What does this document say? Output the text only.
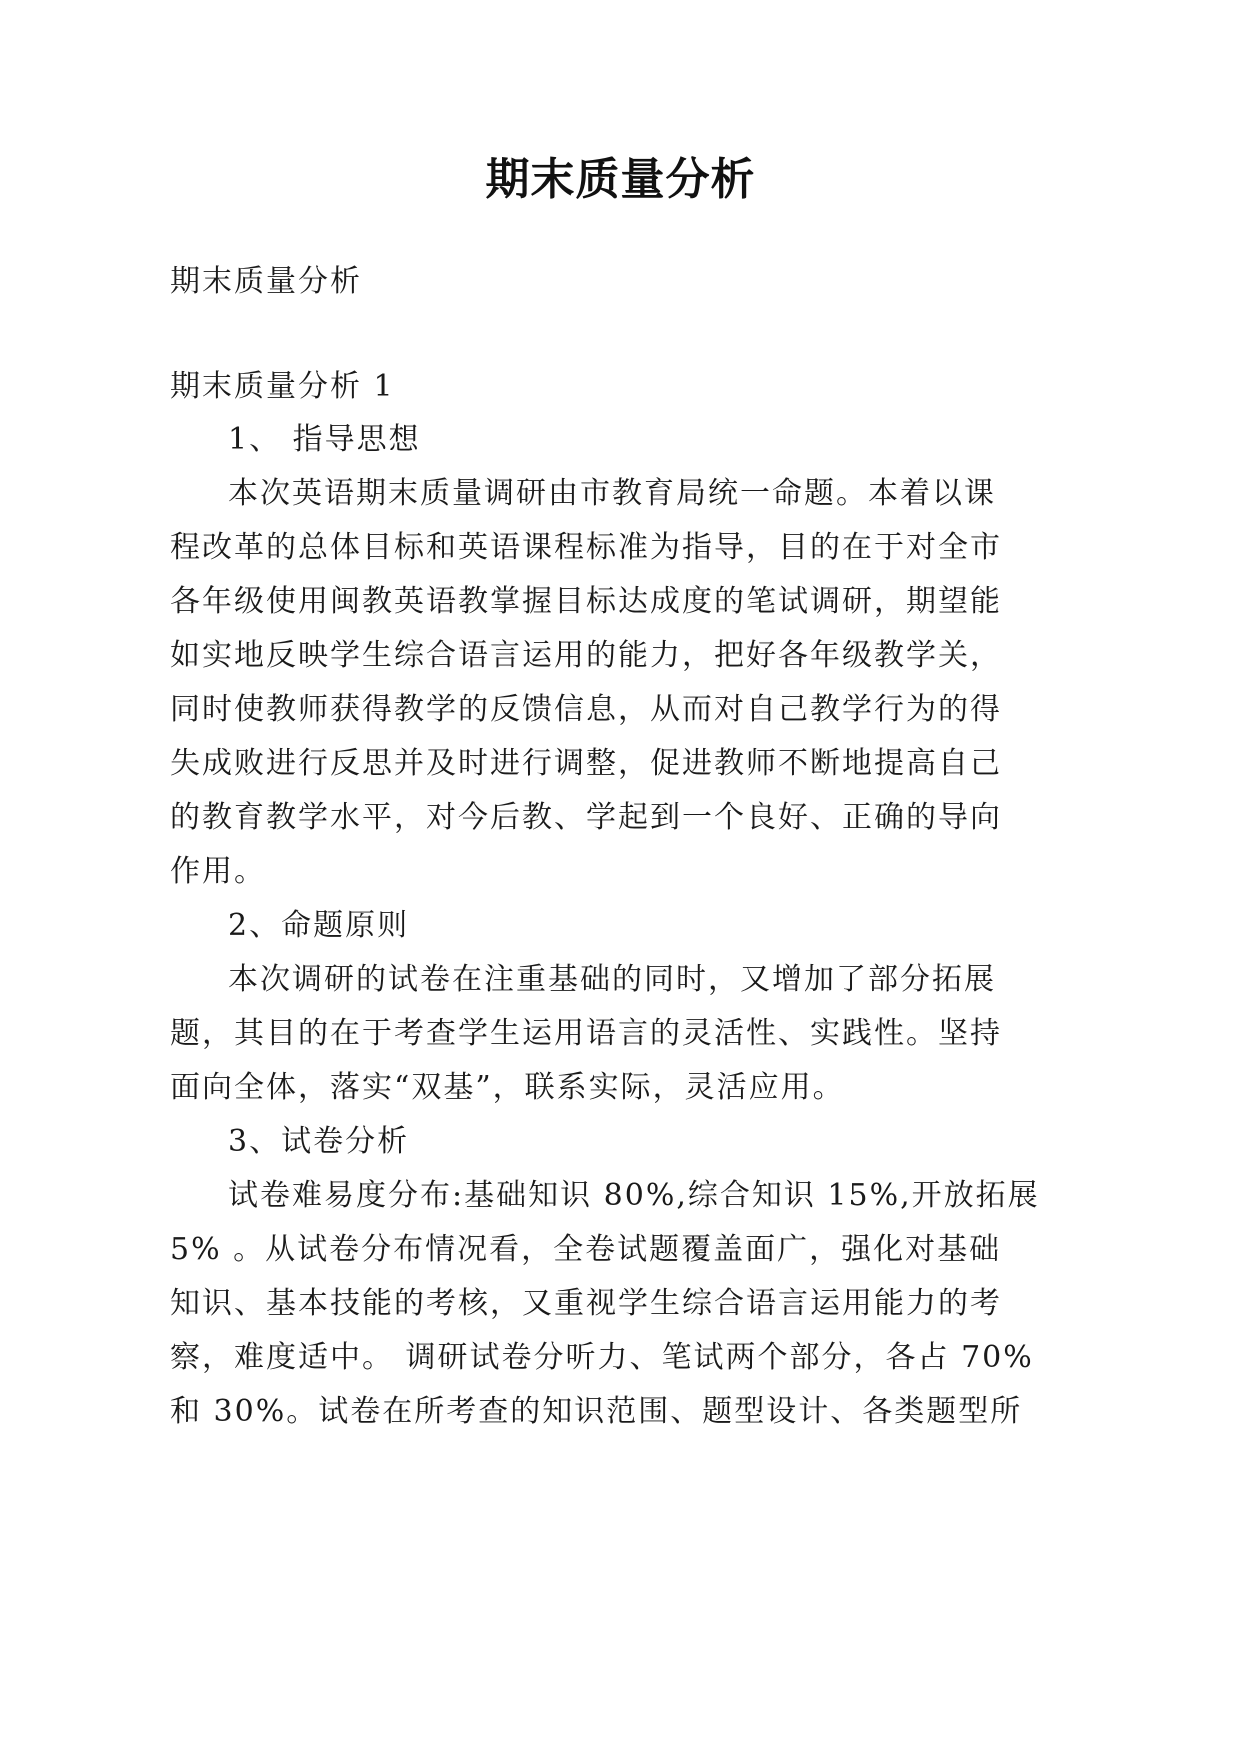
期末质量分析

期末质量分析

期末质量分析 1

1、 指导思想

本次英语期末质量调研由市教育局统一命题。本着以课

程改革的总体目标和英语课程标准为指导，目的在于对全市

各年级使用闽教英语教掌握目标达成度的笔试调研，期望能

如实地反映学生综合语言运用的能力，把好各年级教学关，

同时使教师获得教学的反馈信息，从而对自己教学行为的得

失成败进行反思并及时进行调整，促进教师不断地提高自己

的教育教学水平，对今后教、学起到一个良好、正确的导向

作用。

2、命题原则

本次调研的试卷在注重基础的同时，又增加了部分拓展

题，其目的在于考查学生运用语言的灵活性、实践性。坚持

面向全体，落实“双基”，联系实际，灵活应用。

3、试卷分析

试卷难易度分布:基础知识 80%,综合知识 15%,开放拓展

5% 。从试卷分布情况看，全卷试题覆盖面广，强化对基础

知识、基本技能的考核，又重视学生综合语言运用能力的考

察，难度适中。 调研试卷分听力、笔试两个部分，各占 70%

和 30%。试卷在所考查的知识范围、题型设计、各类题型所
